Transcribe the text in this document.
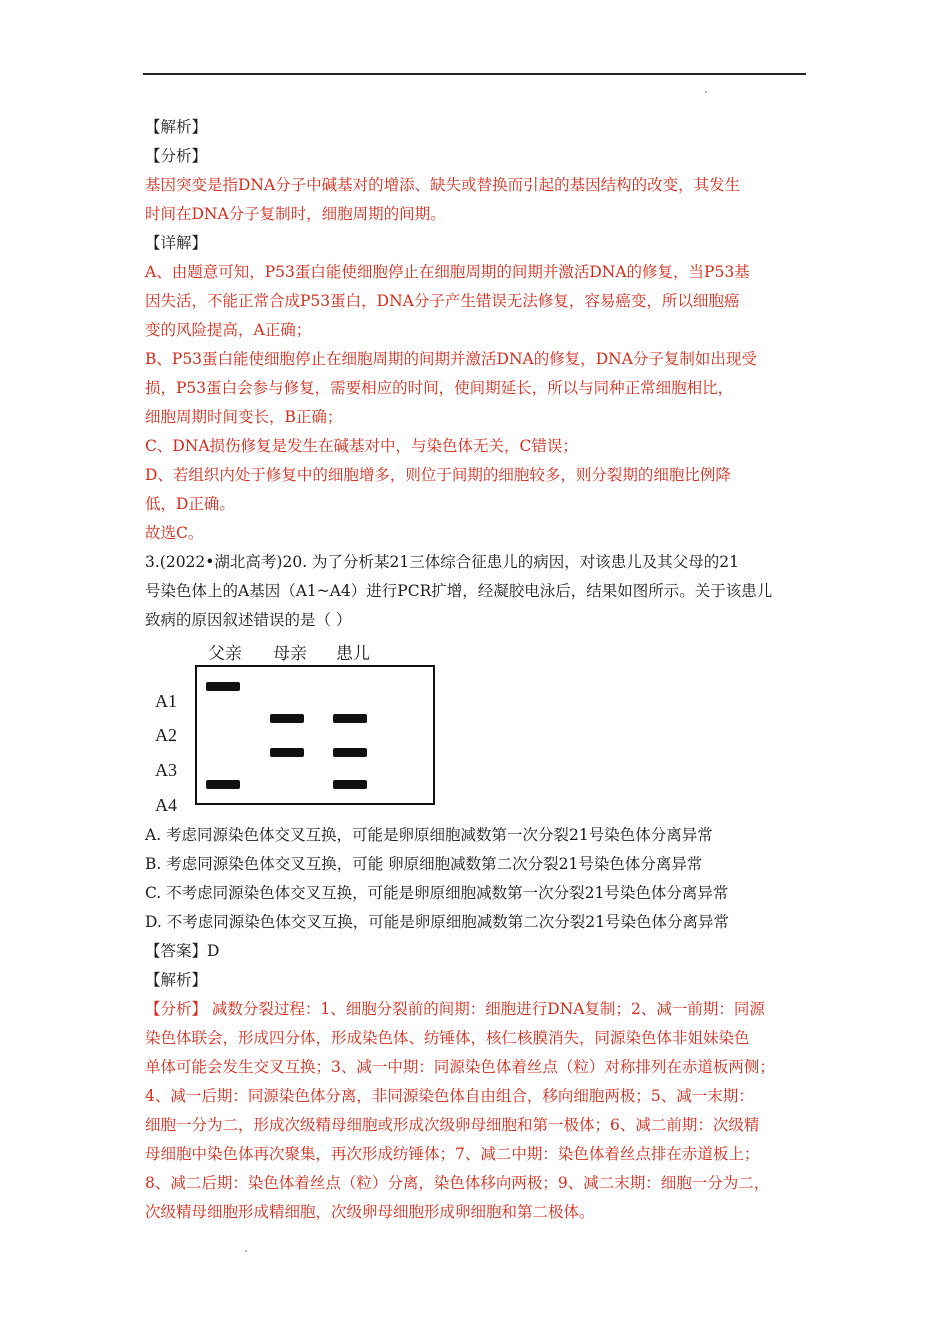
【解析】
【分析】
基因突变是指DNA分子中碱基对的增添、缺失或替换而引起的基因结构的改变，其发生
时间在DNA分子复制时，细胞周期的间期。
【详解】
A、由题意可知，P53蛋白能使细胞停止在细胞周期的间期并激活DNA的修复，当P53基
因失活，不能正常合成P53蛋白，DNA分子产生错误无法修复，容易癌变，所以细胞癌
变的风险提高，A正确；
B、P53蛋白能使细胞停止在细胞周期的间期并激活DNA的修复，DNA分子复制如出现受
损，P53蛋白会参与修复，需要相应的时间，使间期延长，所以与同种正常细胞相比，
细胞周期时间变长，B正确；
C、DNA损伤修复是发生在碱基对中，与染色体无关，C错误；
D、若组织内处于修复中的细胞增多，则位于间期的细胞较多，则分裂期的细胞比例降
低，D正确。
故选C。
3.(2022•湖北高考)20. 为了分析某21三体综合征患儿的病因，对该患儿及其父母的21
号染色体上的A基因（A1~A4）进行PCR扩增，经凝胶电泳后，结果如图所示。关于该患儿
致病的原因叙述错误的是（ ）
父亲 母亲 患儿
A1
A2
A3
A4
A. 考虑同源染色体交叉互换，可能是卵原细胞减数第一次分裂21号染色体分离异常
B. 考虑同源染色体交叉互换，可能 卵原细胞减数第二次分裂21号染色体分离异常
C. 不考虑同源染色体交叉互换，可能是卵原细胞减数第一次分裂21号染色体分离异常
D. 不考虑同源染色体交叉互换，可能是卵原细胞减数第二次分裂21号染色体分离异常
【答案】D
【解析】
【分析】 减数分裂过程：1、细胞分裂前的间期：细胞进行DNA复制；2、减一前期：同源
染色体联会，形成四分体，形成染色体、纺锤体，核仁核膜消失，同源染色体非姐妹染色
单体可能会发生交叉互换；3、减一中期：同源染色体着丝点（粒）对称排列在赤道板两侧；
4、减一后期：同源染色体分离，非同源染色体自由组合，移向细胞两极；5、减一末期：
细胞一分为二，形成次级精母细胞或形成次级卵母细胞和第一极体；6、减二前期：次级精
母细胞中染色体再次聚集，再次形成纺锤体；7、减二中期：染色体着丝点排在赤道板上；
8、减二后期：染色体着丝点（粒）分离，染色体移向两极；9、减二末期：细胞一分为二，
次级精母细胞形成精细胞，次级卵母细胞形成卵细胞和第二极体。
